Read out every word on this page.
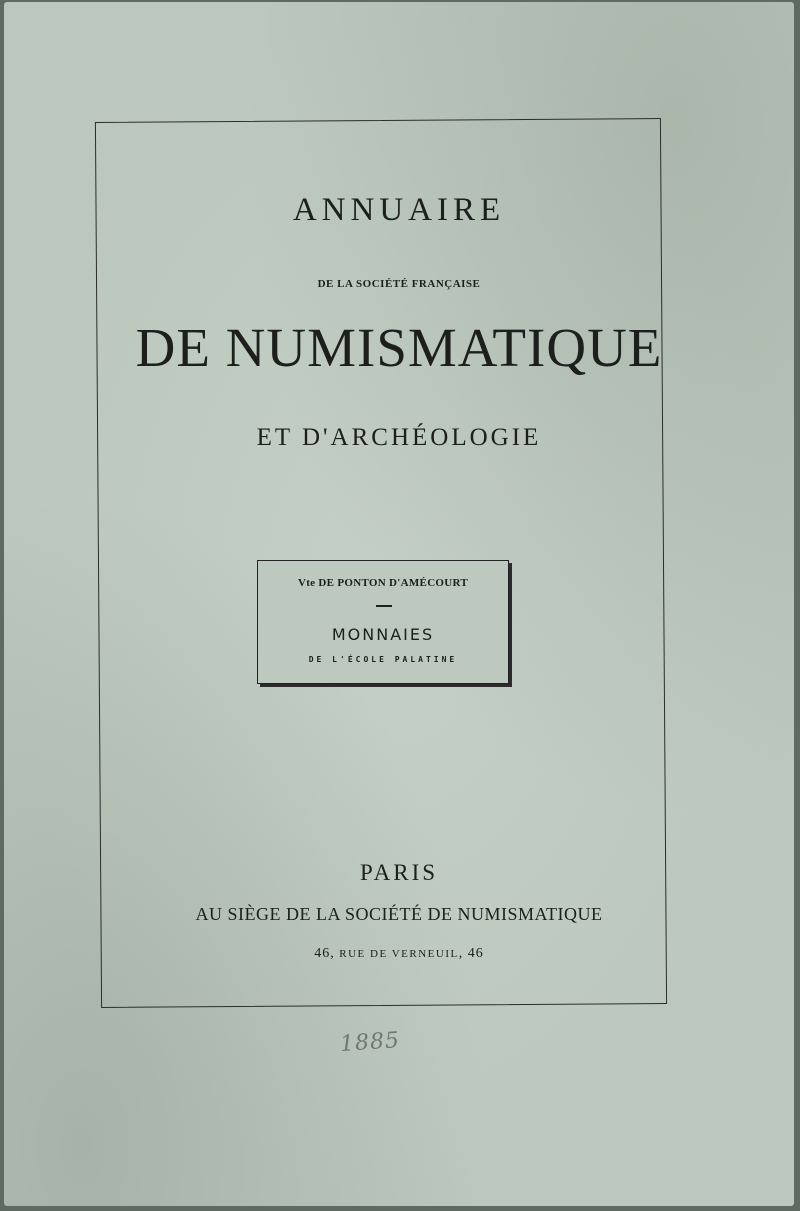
ANNUAIRE
DE LA SOCIÉTÉ FRANÇAISE
DE NUMISMATIQUE
ET D'ARCHÉOLOGIE
Vte DE PONTON D'AMÉCOURT
MONNAIES
DE L'ÉCOLE PALATINE
PARIS
AU SIÈGE DE LA SOCIÉTÉ DE NUMISMATIQUE
46, RUE DE VERNEUIL, 46
1885
